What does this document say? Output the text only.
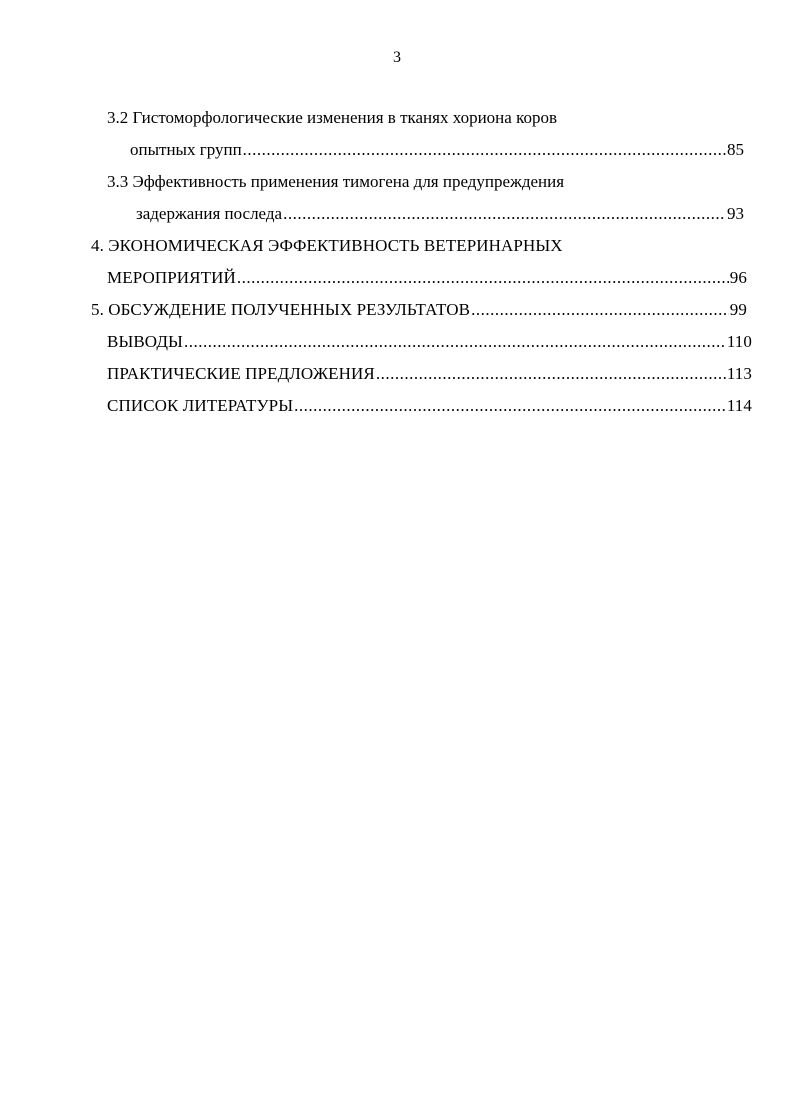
3
3.2 Гистоморфологические изменения в тканях хориона коров
опытных групп .....	85
3.3 Эффективность применения тимогена для предупреждения
задержания последа .....	93
4. ЭКОНОМИЧЕСКАЯ ЭФФЕКТИВНОСТЬ ВЕТЕРИНАРНЫХ
МЕРОПРИЯТИЙ .....	96
5. ОБСУЖДЕНИЕ ПОЛУЧЕННЫХ РЕЗУЛЬТАТОВ .....	99
ВЫВОДЫ .....	110
ПРАКТИЧЕСКИЕ ПРЕДЛОЖЕНИЯ .....	113
СПИСОК ЛИТЕРАТУРЫ .....	114
